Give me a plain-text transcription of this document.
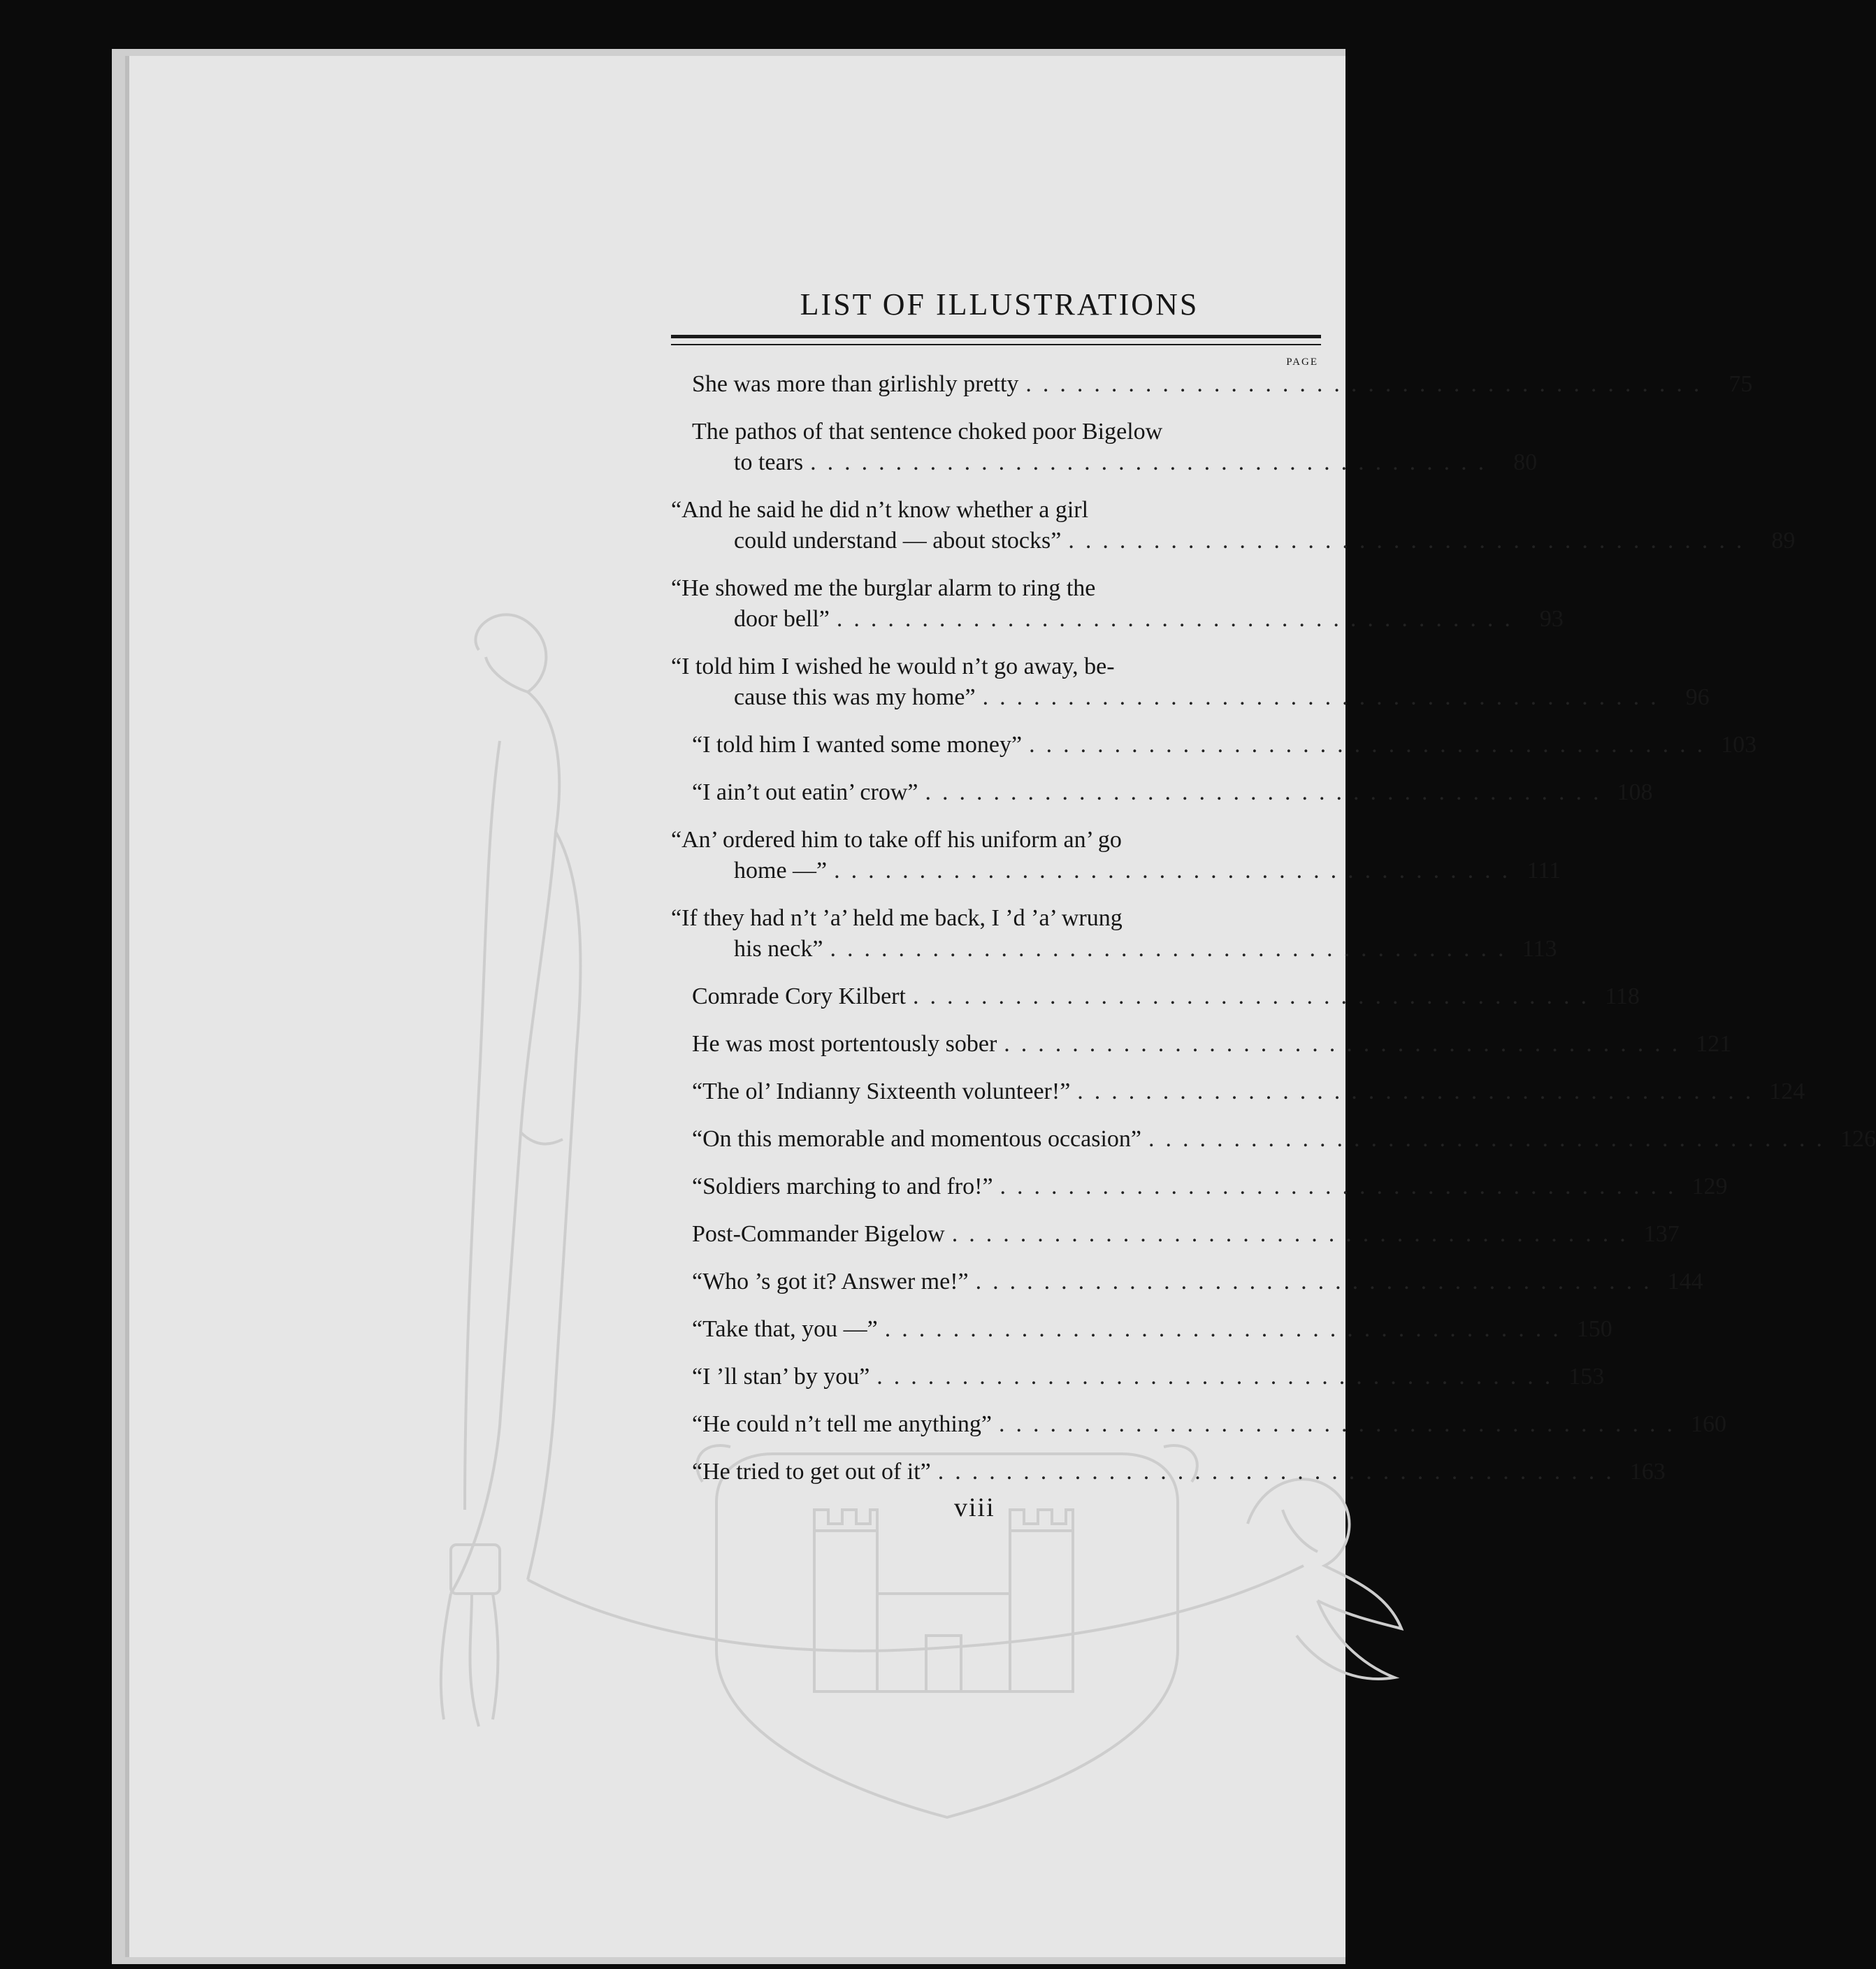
LIST OF ILLUSTRATIONS
PAGE
She was more than girlishly pretty ........................................ 75
The pathos of that sentence choked poor Bigelow
to tears ........................................ 80
“And he said he did n’t know whether a girl
could understand — about stocks” ........................................ 89
“He showed me the burglar alarm to ring the
door bell” ........................................ 93
“I told him I wished he would n’t go away, be-
cause this was my home” ........................................ 96
“I told him I wanted some money” ........................................ 103
“I ain’t out eatin’ crow” ........................................ 108
“An’ ordered him to take off his uniform an’ go
home —” ........................................ 111
“If they had n’t ’a’ held me back, I ’d ’a’ wrung
his neck” ........................................ 113
Comrade Cory Kilbert ........................................ 118
He was most portentously sober ........................................ 121
“The ol’ Indianny Sixteenth volunteer!” ........................................ 124
“On this memorable and momentous occasion” ........................................ 126
“Soldiers marching to and fro!” ........................................ 129
Post-Commander Bigelow ........................................ 137
“Who ’s got it? Answer me!” ........................................ 144
“Take that, you —” ........................................ 150
“I ’ll stan’ by you” ........................................ 153
“He could n’t tell me anything” ........................................ 160
“He tried to get out of it” ........................................ 163
viii
